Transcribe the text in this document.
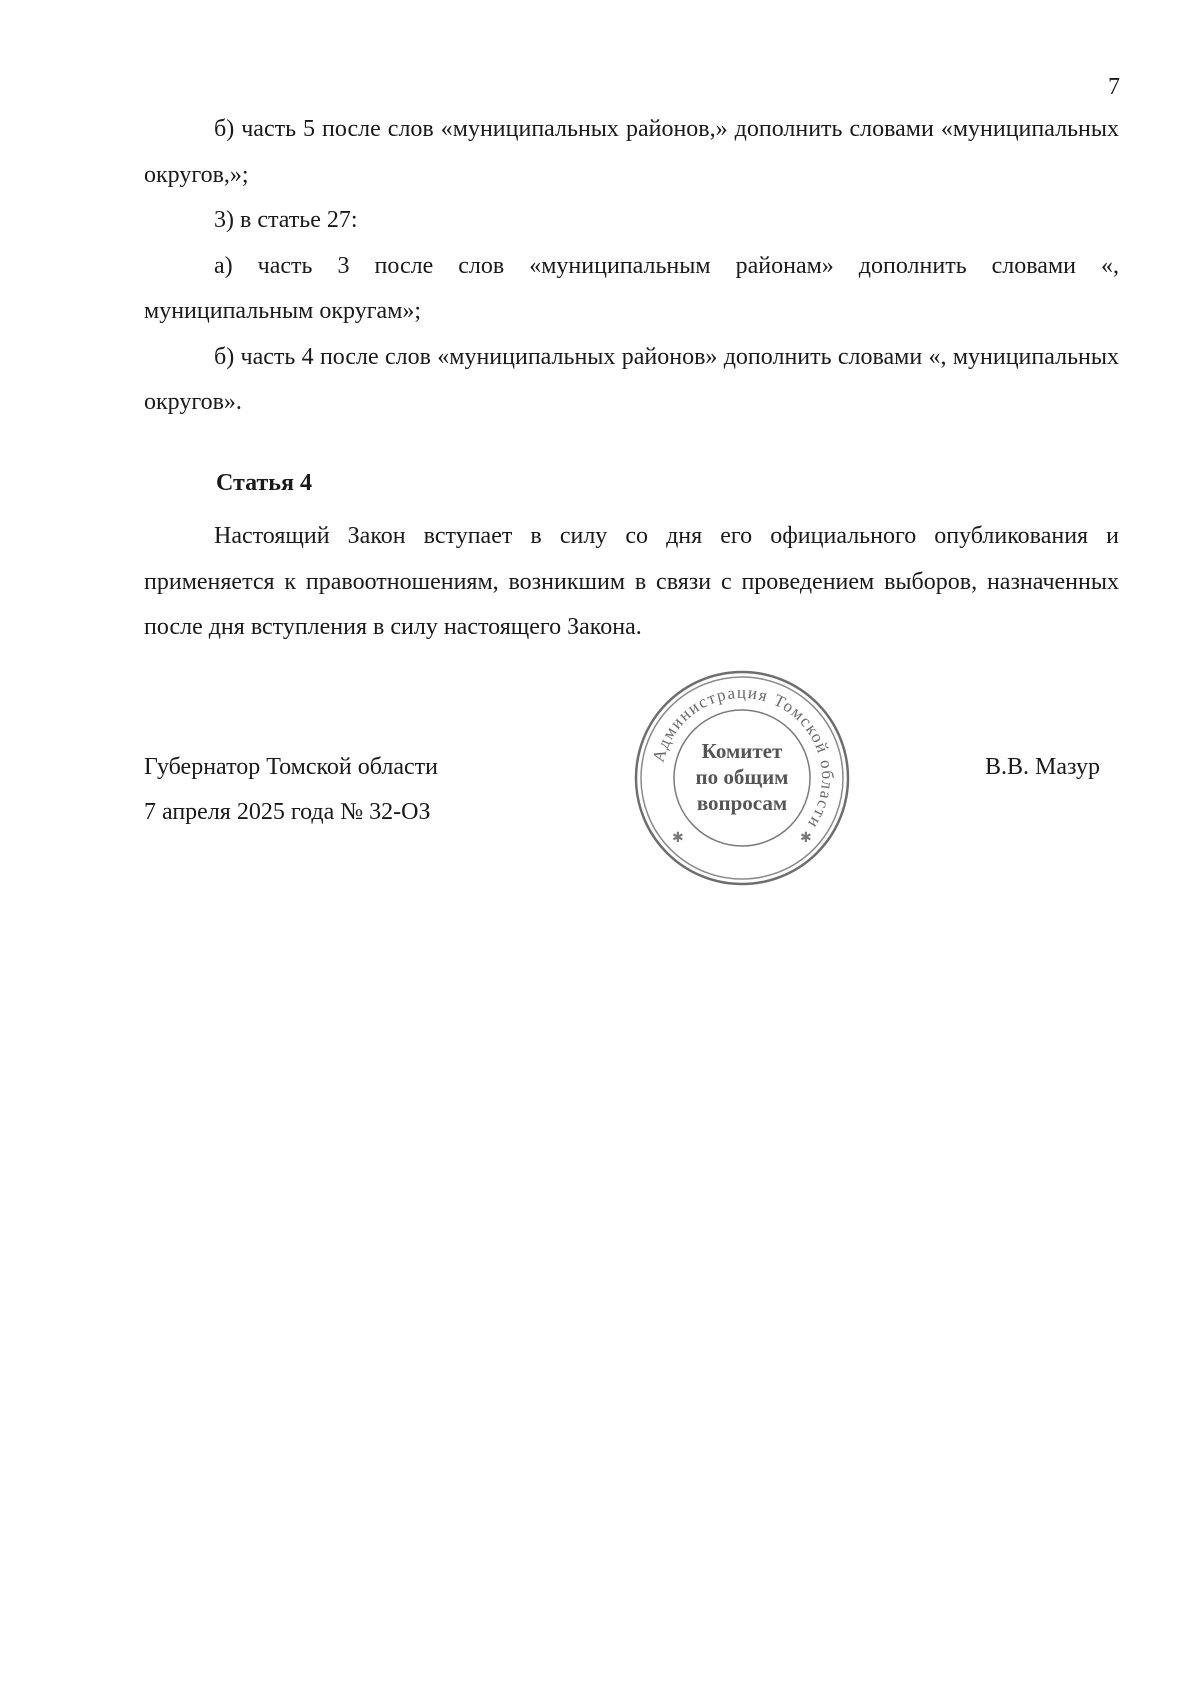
7

б) часть 5 после слов «муниципальных районов,» дополнить словами «муниципальных округов,»;

3) в статье 27:

а) часть 3 после слов «муниципальным районам» дополнить словами «, муниципальным округам»;

б) часть 4 после слов «муниципальных районов» дополнить словами «, муниципальных округов».

Статья 4

Настоящий Закон вступает в силу со дня его официального опубликования и применяется к правоотношениям, возникшим в связи с проведением выборов, назначенных после дня вступления в силу настоящего Закона.

Губернатор Томской области
7 апреля 2025 года № 32-ОЗ
В.В. Мазур
Администрация Томской области
✱	✱
Комитет
по общим
вопросам
